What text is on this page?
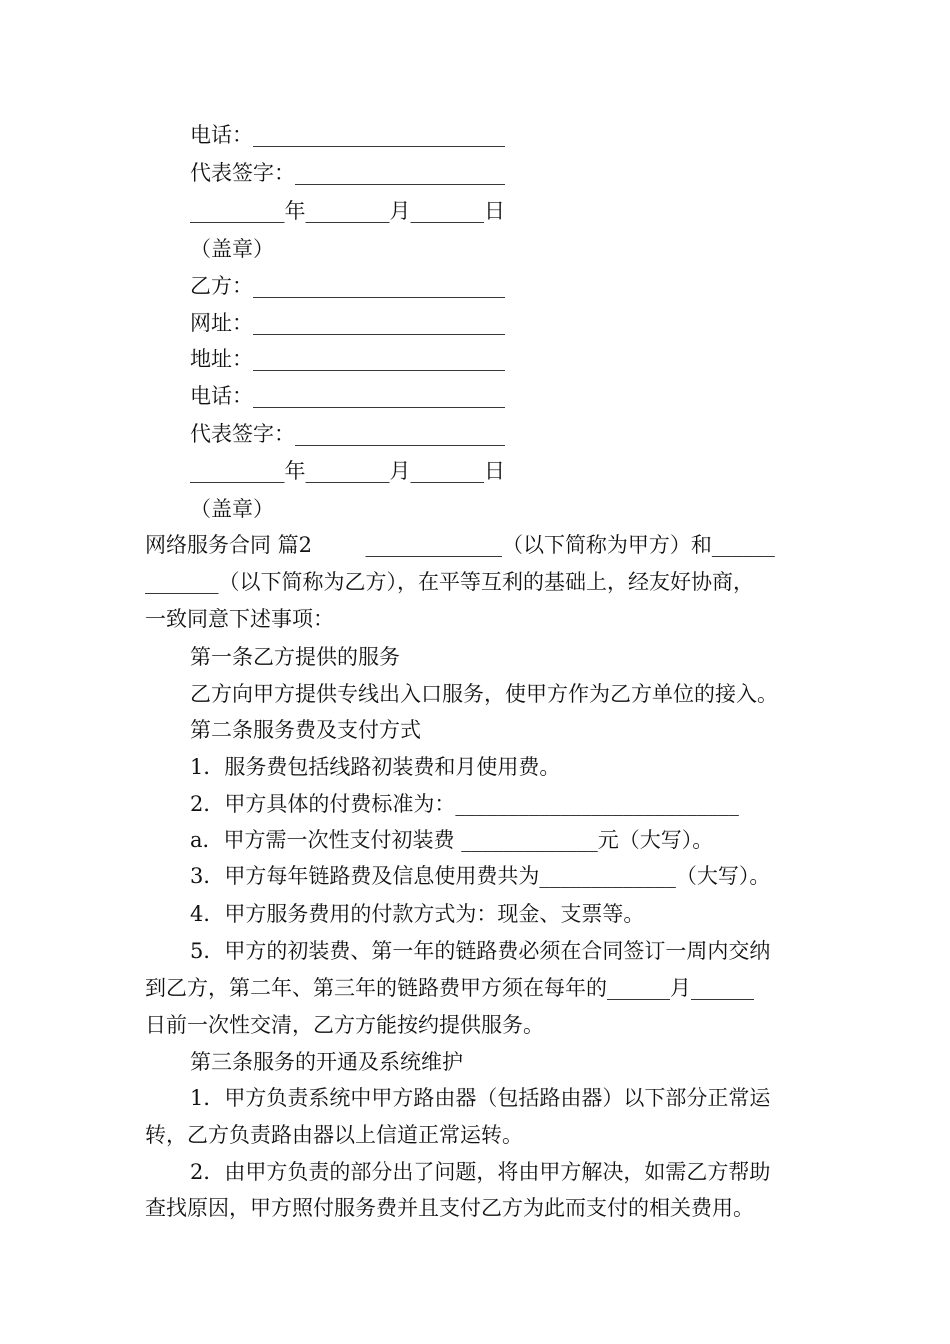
电话：________________________
代表签字：____________________
_________年________月_______日
（盖章）
乙方：________________________
网址：________________________
地址：________________________
电话：________________________
代表签字：____________________
_________年________月_______日
（盖章）
网络服务合同 篇2        _____________（以下简称为甲方）和______
_______（以下简称为乙方），在平等互利的基础上，经友好协商，
一致同意下述事项：
第一条乙方提供的服务
乙方向甲方提供专线出入口服务，使甲方作为乙方单位的接入。
第二条服务费及支付方式
1．服务费包括线路初装费和月使用费。
2．甲方具体的付费标准为：___________________________
a．甲方需一次性支付初装费 _____________元（大写）。
3．甲方每年链路费及信息使用费共为_____________（大写）。
4．甲方服务费用的付款方式为：现金、支票等。
5．甲方的初装费、第一年的链路费必须在合同签订一周内交纳
到乙方，第二年、第三年的链路费甲方须在每年的______月______
日前一次性交清，乙方方能按约提供服务。
第三条服务的开通及系统维护
1．甲方负责系统中甲方路由器（包括路由器）以下部分正常运
转，乙方负责路由器以上信道正常运转。
2．由甲方负责的部分出了问题，将由甲方解决，如需乙方帮助
查找原因，甲方照付服务费并且支付乙方为此而支付的相关费用。
